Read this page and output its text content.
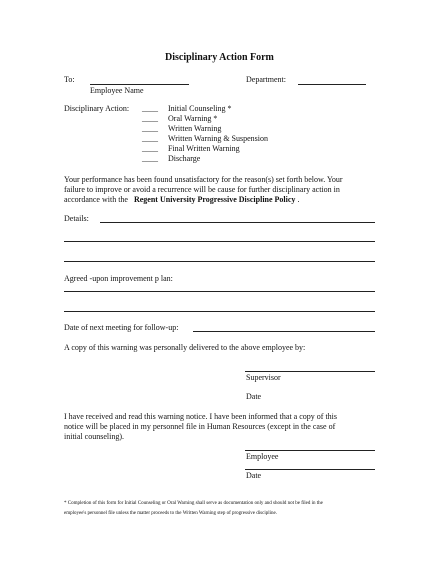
Disciplinary Action Form
To:
Employee Name
Department:
Disciplinary Action: ____
____
____
____
____
____
Initial Counseling *
Oral Warning *
Written Warning
Written Warning & Suspension
Final Written Warning
Discharge
Your performance has been found unsatisfactory for the reason(s) set forth below. Your
failure to improve or avoid a recurrence will be cause for further disciplinary action in
accordance with the Regent University Progressive Discipline Policy .
Details:
Agreed -upon improvement p lan:
Date of next meeting for follow-up:
A copy of this warning was personally delivered to the above employee by:
Supervisor
Date
I have received and read this warning notice. I have been informed that a copy of this
notice will be placed in my personnel file in Human Resources (except in the case of
initial counseling).
Employee
Date
* Completion of this form for Initial Counseling or Oral Warning shall serve as documentation only and should not be filed in the
employee's personnel file unless the matter proceeds to the Written Warning step of progressive discipline.
